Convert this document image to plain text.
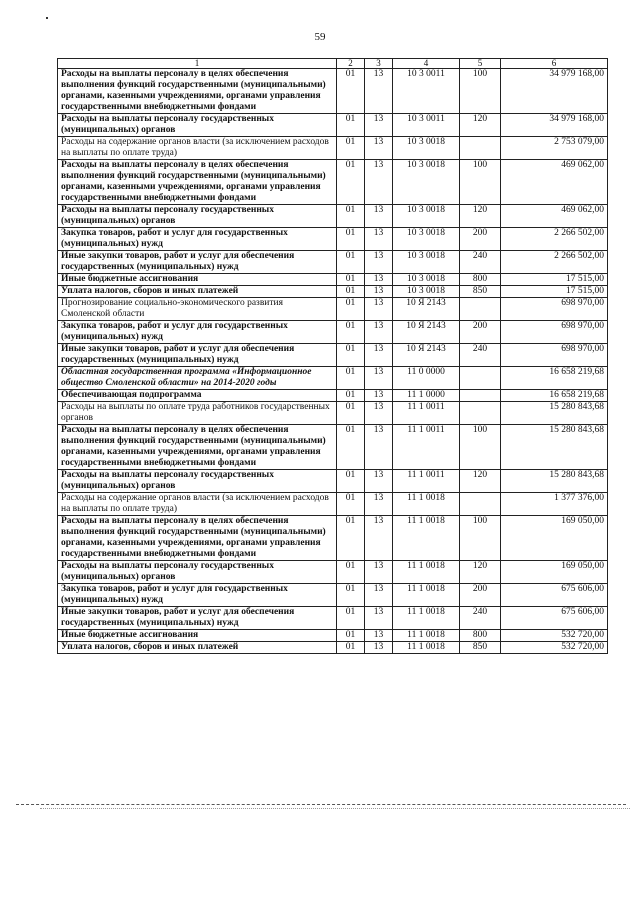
59
1	2	3	4	5	6
Расходы на выплаты персоналу в целях обеспечения выполнения функций государственными (муниципальными) органами, казенными учреждениями, органами управления государственными внебюджетными фондами	01	13	10 3 0011	100	34 979 168,00
Расходы на выплаты персоналу государственных (муниципальных) органов	01	13	10 3 0011	120	34 979 168,00
Расходы на содержание органов власти (за исключением расходов на выплаты по оплате труда)	01	13	10 3 0018		2 753 079,00
Расходы на выплаты персоналу в целях обеспечения выполнения функций государственными (муниципальными) органами, казенными учреждениями, органами управления государственными внебюджетными фондами	01	13	10 3 0018	100	469 062,00
Расходы на выплаты персоналу государственных (муниципальных) органов	01	13	10 3 0018	120	469 062,00
Закупка товаров, работ и услуг для государственных (муниципальных) нужд	01	13	10 3 0018	200	2 266 502,00
Иные закупки товаров, работ и услуг для обеспечения государственных (муниципальных) нужд	01	13	10 3 0018	240	2 266 502,00
Иные бюджетные ассигнования	01	13	10 3 0018	800	17 515,00
Уплата налогов, сборов и иных платежей	01	13	10 3 0018	850	17 515,00
Прогнозирование социально-экономического развития Смоленской области	01	13	10 Я 2143		698 970,00
Закупка товаров, работ и услуг для государственных (муниципальных) нужд	01	13	10 Я 2143	200	698 970,00
Иные закупки товаров, работ и услуг для обеспечения государственных (муниципальных) нужд	01	13	10 Я 2143	240	698 970,00
Областная государственная программа «Информационное общество Смоленской области» на 2014-2020 годы	01	13	11 0 0000		16 658 219,68
Обеспечивающая подпрограмма	01	13	11 1 0000		16 658 219,68
Расходы на выплаты по оплате труда работников государственных органов	01	13	11 1 0011		15 280 843,68
Расходы на выплаты персоналу в целях обеспечения выполнения функций государственными (муниципальными) органами, казенными учреждениями, органами управления государственными внебюджетными фондами	01	13	11 1 0011	100	15 280 843,68
Расходы на выплаты персоналу государственных (муниципальных) органов	01	13	11 1 0011	120	15 280 843,68
Расходы на содержание органов власти (за исключением расходов на выплаты по оплате труда)	01	13	11 1 0018		1 377 376,00
Расходы на выплаты персоналу в целях обеспечения выполнения функций государственными (муниципальными) органами, казенными учреждениями, органами управления государственными внебюджетными фондами	01	13	11 1 0018	100	169 050,00
Расходы на выплаты персоналу государственных (муниципальных) органов	01	13	11 1 0018	120	169 050,00
Закупка товаров, работ и услуг для государственных (муниципальных) нужд	01	13	11 1 0018	200	675 606,00
Иные закупки товаров, работ и услуг для обеспечения государственных (муниципальных) нужд	01	13	11 1 0018	240	675 606,00
Иные бюджетные ассигнования	01	13	11 1 0018	800	532 720,00
Уплата налогов, сборов и иных платежей	01	13	11 1 0018	850	532 720,00
